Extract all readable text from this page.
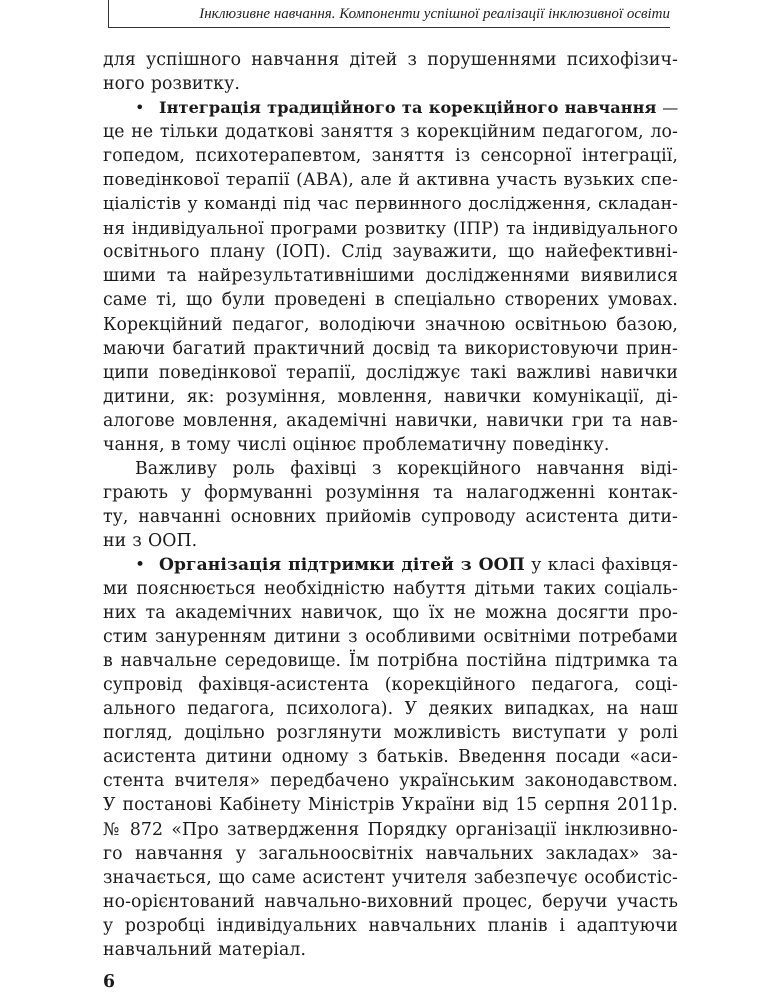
Інклюзивне навчання. Компоненти успішної реалізації інклюзивної освіти
для успішного навчання дітей з порушеннями психофізич-
ного розвитку.
• Інтеграція традиційного та корекційного навчання —
це не тільки додаткові заняття з корекційним педагогом, ло-
гопедом, психотерапевтом, заняття із сенсорної інтеграції,
поведінкової терапії (АВА), але й активна участь вузьких спе-
ціалістів у команді під час первинного дослідження, складан-
ня індивідуальної програми розвитку (ІПР) та індивідуального
освітнього плану (ІОП). Слід зауважити, що найефективні-
шими та найрезультативнішими дослідженнями виявилися
саме ті, що були проведені в спеціально створених умовах.
Корекційний педагог, володіючи значною освітньою базою,
маючи багатий практичний досвід та використовуючи прин-
ципи поведінкової терапії, досліджує такі важливі навички
дитини, як: розуміння, мовлення, навички комунікації, ді-
алогове мовлення, академічні навички, навички гри та нав-
чання, в тому числі оцінює проблематичну поведінку.
Важливу роль фахівці з корекційного навчання віді-
грають у формуванні розуміння та налагодженні контак-
ту, навчанні основних прийомів супроводу асистента дити-
ни з ООП.
• Організація підтримки дітей з ООП у класі фахівця-
ми пояснюється необхідністю набуття дітьми таких соціаль-
них та академічних навичок, що їх не можна досягти про-
стим зануренням дитини з особливими освітніми потребами
в навчальне середовище. Їм потрібна постійна підтримка та
супровід фахівця-асистента (корекційного педагога, соці-
ального педагога, психолога). У деяких випадках, на наш
погляд, доцільно розглянути можливість виступати у ролі
асистента дитини одному з батьків. Введення посади «аси-
стента вчителя» передбачено українським законодавством.
У постанові Кабінету Міністрів України від 15 серпня 2011р.
№ 872 «Про затвердження Порядку організації інклюзивно-
го навчання у загальноосвітніх навчальних закладах» за-
значається, що саме асистент учителя забезпечує особистіс-
но-орієнтований навчально-виховний процес, беручи участь
у розробці індивідуальних навчальних планів і адаптуючи
навчальний матеріал.
6
